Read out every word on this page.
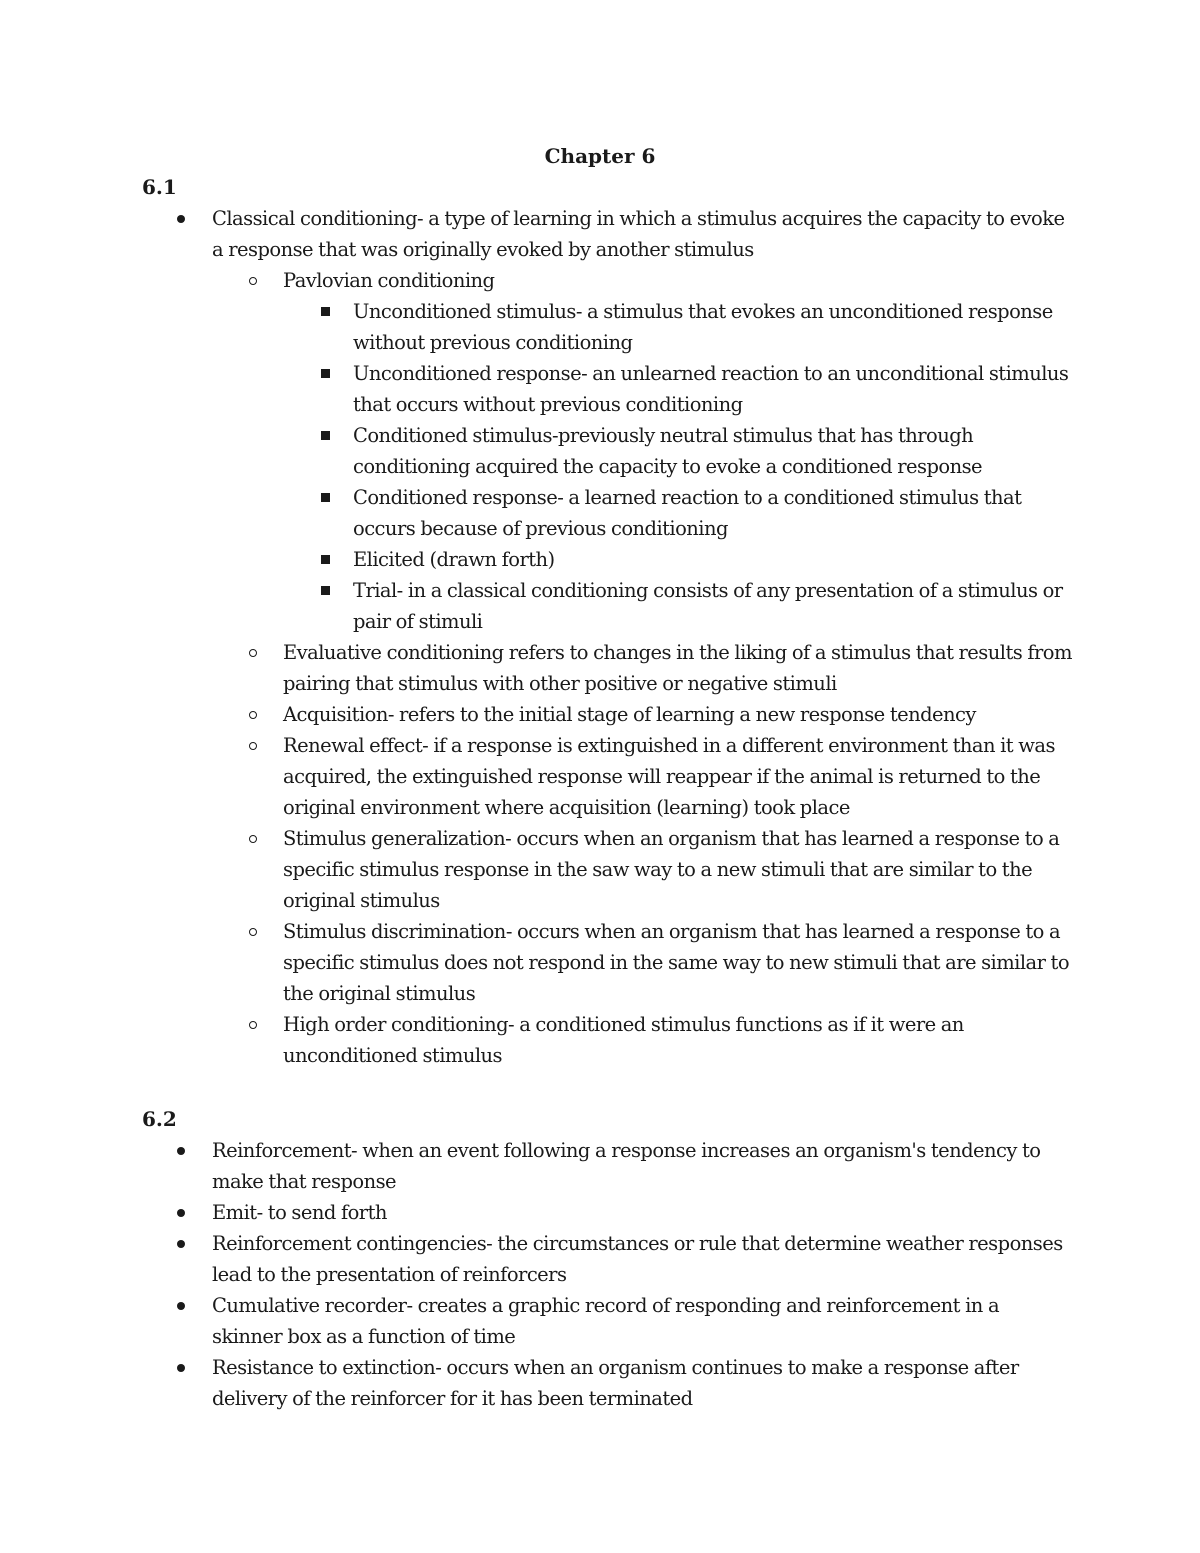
Chapter 6
6.1
Classical conditioning- a type of learning in which a stimulus acquires the capacity to evoke a response that was originally evoked by another stimulus
Pavlovian conditioning
Unconditioned stimulus- a stimulus that evokes an unconditioned response without previous conditioning
Unconditioned response- an unlearned reaction to an unconditional stimulus that occurs without previous conditioning
Conditioned stimulus-previously neutral stimulus that has through conditioning acquired the capacity to evoke a conditioned response
Conditioned response- a learned reaction to a conditioned stimulus that occurs because of previous conditioning
Elicited (drawn forth)
Trial- in a classical conditioning consists of any presentation of a stimulus or pair of stimuli
Evaluative conditioning refers to changes in the liking of a stimulus that results from pairing that stimulus with other positive or negative stimuli
Acquisition- refers to the initial stage of learning a new response tendency
Renewal effect- if a response is extinguished in a different environment than it was acquired, the extinguished response will reappear if the animal is returned to the original environment where acquisition (learning) took place
Stimulus generalization- occurs when an organism that has learned a response to a specific stimulus response in the saw way to a new stimuli that are similar to the original stimulus
Stimulus discrimination- occurs when an organism that has learned a response to a specific stimulus does not respond in the same way to new stimuli that are similar to the original stimulus
High order conditioning- a conditioned stimulus functions as if it were an unconditioned stimulus
6.2
Reinforcement- when an event following a response increases an organism's tendency to make that response
Emit- to send forth
Reinforcement contingencies- the circumstances or rule that determine weather responses lead to the presentation of reinforcers
Cumulative recorder- creates a graphic record of responding and reinforcement in a skinner box as a function of time
Resistance to extinction- occurs when an organism continues to make a response after delivery of the reinforcer for it has been terminated
